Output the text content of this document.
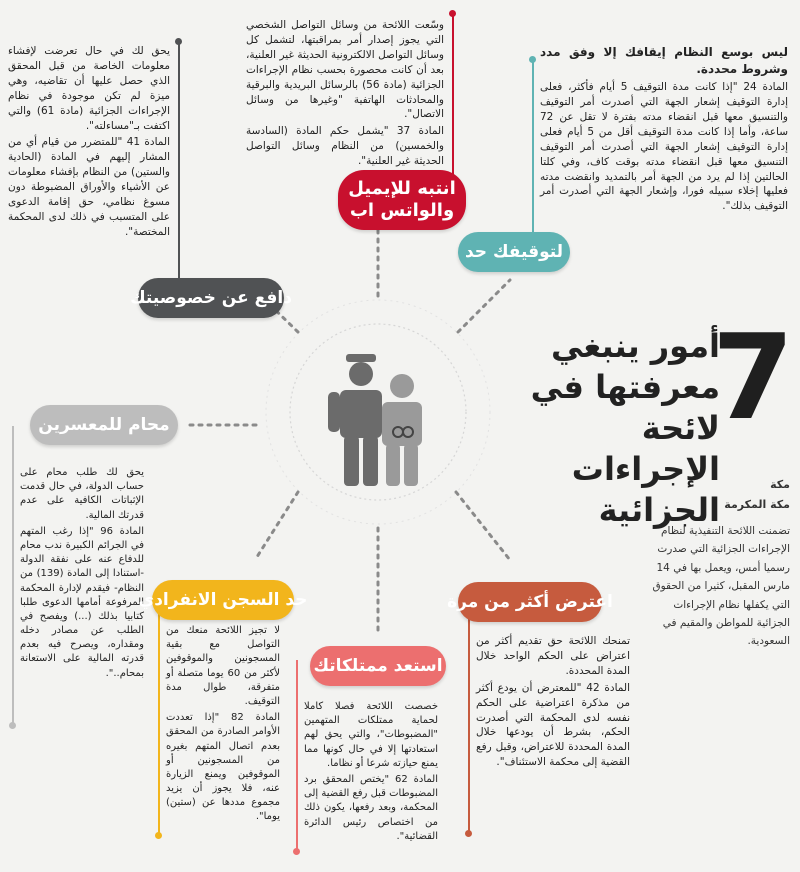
7
أمور ينبغي
معرفتها في لائحة
الإجراءات الجزائية
مكة
مكة المكرمة
تضمنت اللائحة التنفيذية لنظام الإجراءات الجزائية التي صدرت رسميا أمس، ويعمل بها في 14 مارس المقبل، كثيرا من الحقوق التي يكفلها نظام الإجراءات الجزائية للمواطن والمقيم في السعودية.

وسّعت اللائحة من وسائل التواصل الشخصي التي يجوز إصدار أمر بمراقبتها، لتشمل كل وسائل التواصل الالكترونية الحديثة غير العلنية، بعد أن كانت محصورة بحسب نظام الإجراءات الجزائية (مادة 56) بالرسائل البريدية والبرقية والمحادثات الهاتفية "وغيرها من وسائل الاتصال".

المادة 37 "يشمل حكم المادة (السادسة والخمسين) من النظام وسائل التواصل الحديثة غير العلنية".

انتبه للإيميل
والواتس اب

ليس بوسع النظام إيقافك إلا وفق مدد وشروط محددة.

المادة 24 "إذا كانت مدة التوقيف 5 أيام فأكثر، فعلى إدارة التوقيف إشعار الجهة التي أصدرت أمر التوقيف والتنسيق معها قبل انقضاء مدته بفترة لا تقل عن 72 ساعة، وأما إذا كانت مدة التوقيف أقل من 5 أيام فعلى إدارة التوقيف إشعار الجهة التي أصدرت أمر التوقيف التنسيق معها قبل انقضاء مدته بوقت كاف، وفي كلتا الحالتين إذا لم يرد من الجهة أمر بالتمديد وانقضت مدته فعليها إخلاء سبيله فورا، وإشعار الجهة التي أصدرت أمر التوقيف بذلك".

لتوقيفك حد

يحق لك في حال تعرضت لإفشاء معلومات الخاصة من قبل المحقق الذي حصل عليها أن تقاضيه، وهي ميزة لم تكن موجودة في نظام الإجراءات الجزائية (مادة 61) والتي اكتفت بـ"مساءلته".

المادة 41 "للمتضرر من قيام أي من المشار إليهم في المادة (الحادية والستين) من النظام بإفشاء معلومات عن الأشياء والأوراق المضبوطة دون مسوغ نظامي، حق إقامة الدعوى على المتسبب في ذلك لدى المحكمة المختصة".

دافع عن خصوصيتك

يحق لك طلب محام على حساب الدولة، في حال قدمت الإثباتات الكافية على عدم قدرتك المالية.

المادة 96 "إذا رغب المتهم في الجرائم الكبيرة ندب محام للدفاع عنه على نفقة الدولة -استنادا إلى المادة (139) من النظام- فيقدم لإدارة المحكمة المرفوعة أمامها الدعوى طلبا كتابيا بذلك (...) ويفصح في الطلب عن مصادر دخله ومقداره، ويصرح فيه بعدم قدرته المالية على الاستعانة بمحام..".

محام للمعسرين

لا تجيز اللائحة منعك من التواصل مع بقية المسجونين والموقوفين لأكثر من 60 يوما متصلة أو متفرقة، طوال مدة التوقيف.

المادة 82 "إذا تعددت الأوامر الصادرة من المحقق بعدم اتصال المتهم بغيره من المسجونين أو الموقوفين ويمنع الزيارة عنه، فلا يجوز أن يزيد مجموع مددها عن (ستين) يوما".

حد السجن الانفرادي

خصصت اللائحة فصلا كاملا لحماية ممتلكات المتهمين "المضبوطات"، والتي يحق لهم استعادتها إلا في حال كونها مما يمنع حيازته شرعا أو نظاما.

المادة 62 "يختص المحقق برد المضبوطات قبل رفع القضية إلى المحكمة، وبعد رفعها، يكون ذلك من اختصاص رئيس الدائرة القضائية".

استعد ممتلكاتك

تمنحك اللائحة حق تقديم أكثر من اعتراض على الحكم الواحد خلال المدة المحددة.

المادة 42 "للمعترض أن يودع أكثر من مذكرة اعتراضية على الحكم نفسه لدى المحكمة التي أصدرت الحكم، بشرط أن يودعها خلال المدة المحددة للاعتراض، وقبل رفع القضية إلى محكمة الاستئناف".

اعترض أكثر من مرة
